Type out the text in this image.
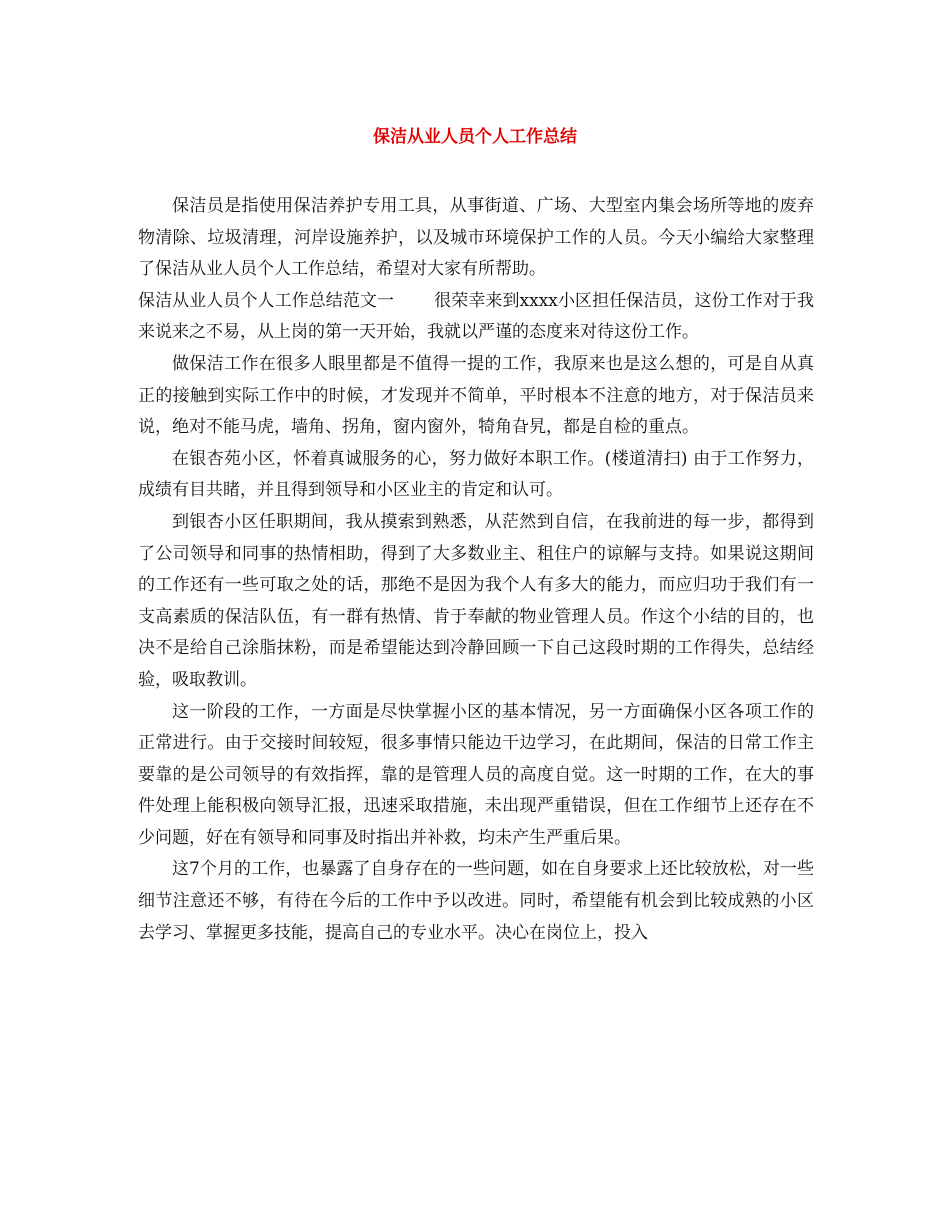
保洁从业人员个人工作总结

保洁员是指使用保洁养护专用工具，从事街道、广场、大型室内集会场所等地的废弃物清除、垃圾清理，河岸设施养护，以及城市环境保护工作的人员。今天小编给大家整理了保洁从业人员个人工作总结，希望对大家有所帮助。

保洁从业人员个人工作总结范文一 很荣幸来到xxxx小区担任保洁员，这份工作对于我来说来之不易，从上岗的第一天开始，我就以严谨的态度来对待这份工作。

做保洁工作在很多人眼里都是不值得一提的工作，我原来也是这么想的，可是自从真正的接触到实际工作中的时候，才发现并不简单，平时根本不注意的地方，对于保洁员来说，绝对不能马虎，墙角、拐角，窗内窗外，犄角旮旯，都是自检的重点。

在银杏苑小区，怀着真诚服务的心，努力做好本职工作。(楼道清扫) 由于工作努力，成绩有目共睹，并且得到领导和小区业主的肯定和认可。

到银杏小区任职期间，我从摸索到熟悉，从茫然到自信，在我前进的每一步，都得到了公司领导和同事的热情相助，得到了大多数业主、租住户的谅解与支持。如果说这期间的工作还有一些可取之处的话，那绝不是因为我个人有多大的能力，而应归功于我们有一支高素质的保洁队伍，有一群有热情、肯于奉献的物业管理人员。作这个小结的目的，也决不是给自己涂脂抹粉，而是希望能达到冷静回顾一下自己这段时期的工作得失，总结经验，吸取教训。

这一阶段的工作，一方面是尽快掌握小区的基本情况，另一方面确保小区各项工作的正常进行。由于交接时间较短，很多事情只能边干边学习，在此期间，保洁的日常工作主要靠的是公司领导的有效指挥，靠的是管理人员的高度自觉。这一时期的工作，在大的事件处理上能积极向领导汇报，迅速采取措施，未出现严重错误，但在工作细节上还存在不少问题，好在有领导和同事及时指出并补救，均未产生严重后果。

这7个月的工作，也暴露了自身存在的一些问题，如在自身要求上还比较放松，对一些细节注意还不够，有待在今后的工作中予以改进。同时，希望能有机会到比较成熟的小区去学习、掌握更多技能，提高自己的专业水平。决心在岗位上，投入
